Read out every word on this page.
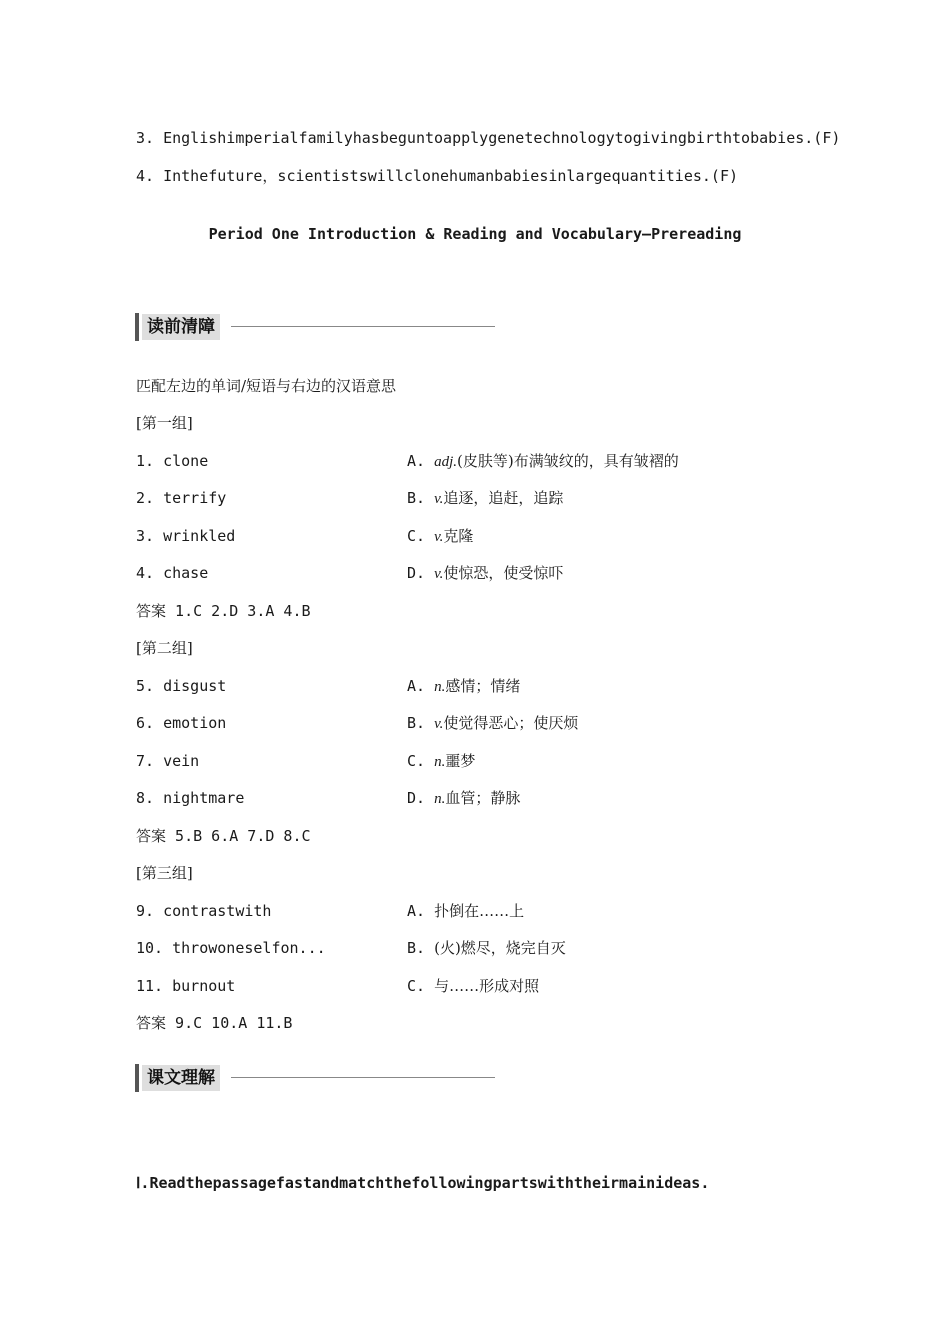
3. Englishimperialfamilyhasbeguntoapplygenetechnologytogivingbirthtobabies.(F)
4. Inthefuture，scientistswillclonehumanbabiesinlargequantities.(F)
Period One Introduction & Reading and Vocabulary—Prereading
读前清障
匹配左边的单词/短语与右边的汉语意思
[第一组]
1. clone	A. adj.(皮肤等)布满皱纹的，具有皱褶的
2. terrify	B. v.追逐，追赶，追踪
3. wrinkled	C. v.克隆
4. chase	D. v.使惊恐，使受惊吓
答案 1.C 2.D 3.A 4.B
[第二组]
5. disgust	A. n.感情；情绪
6. emotion	B. v.使觉得恶心；使厌烦
7. vein	C. n.噩梦
8. nightmare	D. n.血管；静脉
答案 5.B 6.A 7.D 8.C
[第三组]
9. contrastwith	A. 扑倒在……上
10. throwoneselfon...	B. (火)燃尽，烧完自灭
11. burnout	C. 与……形成对照
答案 9.C 10.A 11.B
课文理解
Ⅰ.Readthepassagefastandmatchthefollowingpartswiththeirmainideas.
